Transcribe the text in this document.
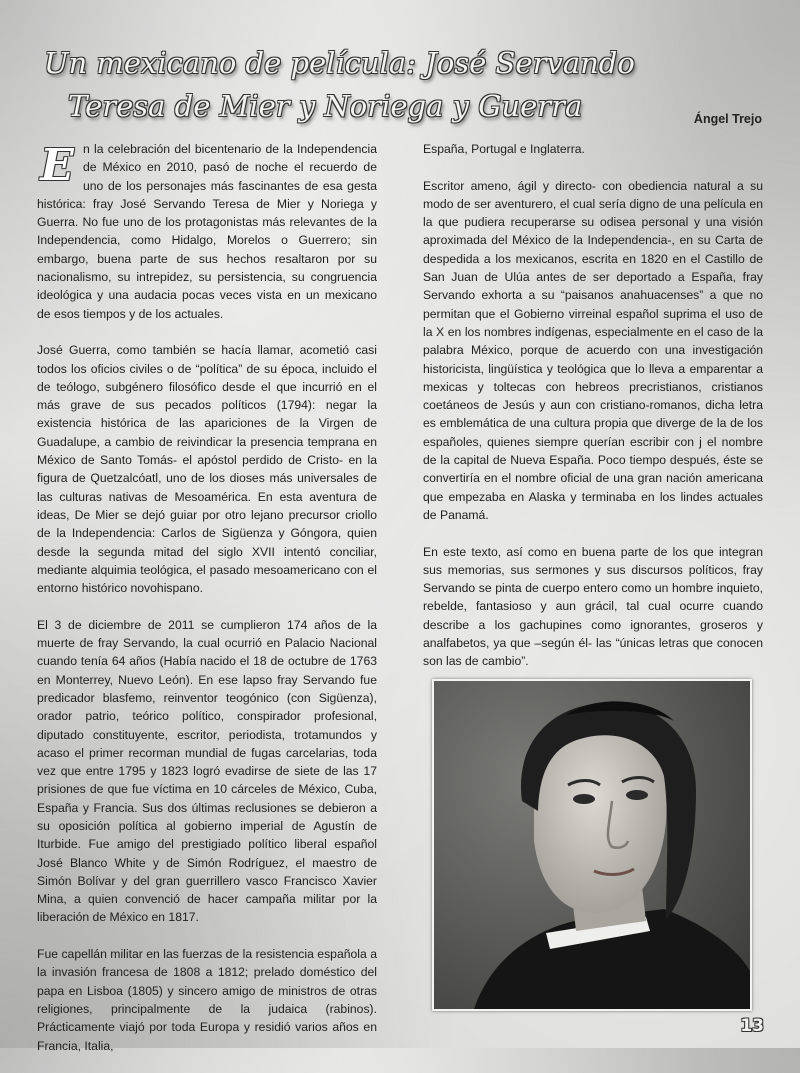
Un mexicano de película: José Servando
Teresa de Mier y Noriega y Guerra	Ángel Trejo

E n la celebración del bicentenario de la Independencia de México en 2010, pasó de noche el recuerdo de uno de los personajes más fascinantes de esa gesta histórica: fray José Servando Teresa de Mier y Noriega y Guerra. No fue uno de los protagonistas más relevantes de la Independencia, como Hidalgo, Morelos o Guerrero; sin embargo, buena parte de sus hechos resaltaron por su nacionalismo, su intrepidez, su persistencia, su congruencia ideológica y una audacia pocas veces vista en un mexicano de esos tiempos y de los actuales.

José Guerra, como también se hacía llamar, acometió casi todos los oficios civiles o de “política” de su época, incluido el de teólogo, subgénero filosófico desde el que incurrió en el más grave de sus pecados políticos (1794): negar la existencia histórica de las apariciones de la Virgen de Guadalupe, a cambio de reivindicar la presencia temprana en México de Santo Tomás- el apóstol perdido de Cristo- en la figura de Quetzalcóatl, uno de los dioses más universales de las culturas nativas de Mesoamérica. En esta aventura de ideas, De Mier se dejó guiar por otro lejano precursor criollo de la Independencia: Carlos de Sigüenza y Góngora, quien desde la segunda mitad del siglo XVII intentó conciliar, mediante alquimia teológica, el pasado mesoamericano con el entorno histórico novohispano.

El 3 de diciembre de 2011 se cumplieron 174 años de la muerte de fray Servando, la cual ocurrió en Palacio Nacional cuando tenía 64 años (Había nacido el 18 de octubre de 1763 en Monterrey, Nuevo León). En ese lapso fray Servando fue predicador blasfemo, reinventor teogónico (con Sigüenza), orador patrio, teórico político, conspirador profesional, diputado constituyente, escritor, periodista, trotamundos y acaso el primer recorman mundial de fugas carcelarias, toda vez que entre 1795 y 1823 logró evadirse de siete de las 17 prisiones de que fue víctima en 10 cárceles de México, Cuba, España y Francia. Sus dos últimas reclusiones se debieron a su oposición política al gobierno imperial de Agustín de Iturbide. Fue amigo del prestigiado político liberal español José Blanco White y de Simón Rodríguez, el maestro de Simón Bolívar y del gran guerrillero vasco Francisco Xavier Mina, a quien convenció de hacer campaña militar por la liberación de México en 1817.

Fue capellán militar en las fuerzas de la resistencia española a la invasión francesa de 1808 a 1812; prelado doméstico del papa en Lisboa (1805) y sincero amigo de ministros de otras religiones, principalmente de la judaica (rabinos). Prácticamente viajó por toda Europa y residió varios años en Francia, Italia,

España, Portugal e Inglaterra.

Escritor ameno, ágil y directo- con obediencia natural a su modo de ser aventurero, el cual sería digno de una película en la que pudiera recuperarse su odisea personal y una visión aproximada del México de la Independencia-, en su Carta de despedida a los mexicanos, escrita en 1820 en el Castillo de San Juan de Ulúa antes de ser deportado a España, fray Servando exhorta a su “paisanos anahuacenses” a que no permitan que el Gobierno virreinal español suprima el uso de la X en los nombres indígenas, especialmente en el caso de la palabra México, porque de acuerdo con una investigación historicista, lingüística y teológica que lo lleva a emparentar a mexicas y toltecas con hebreos precristianos, cristianos coetáneos de Jesús y aun con cristiano-romanos, dicha letra es emblemática de una cultura propia que diverge de la de los españoles, quienes siempre querían escribir con j el nombre de la capital de Nueva España. Poco tiempo después, éste se convertiría en el nombre oficial de una gran nación americana que empezaba en Alaska y terminaba en los lindes actuales de Panamá.

En este texto, así como en buena parte de los que integran sus memorias, sus sermones y sus discursos políticos, fray Servando se pinta de cuerpo entero como un hombre inquieto, rebelde, fantasioso y aun grácil, tal cual ocurre cuando describe a los gachupines como ignorantes, groseros y analfabetos, ya que –según él- las “únicas letras que conocen son las de cambio”.

13
